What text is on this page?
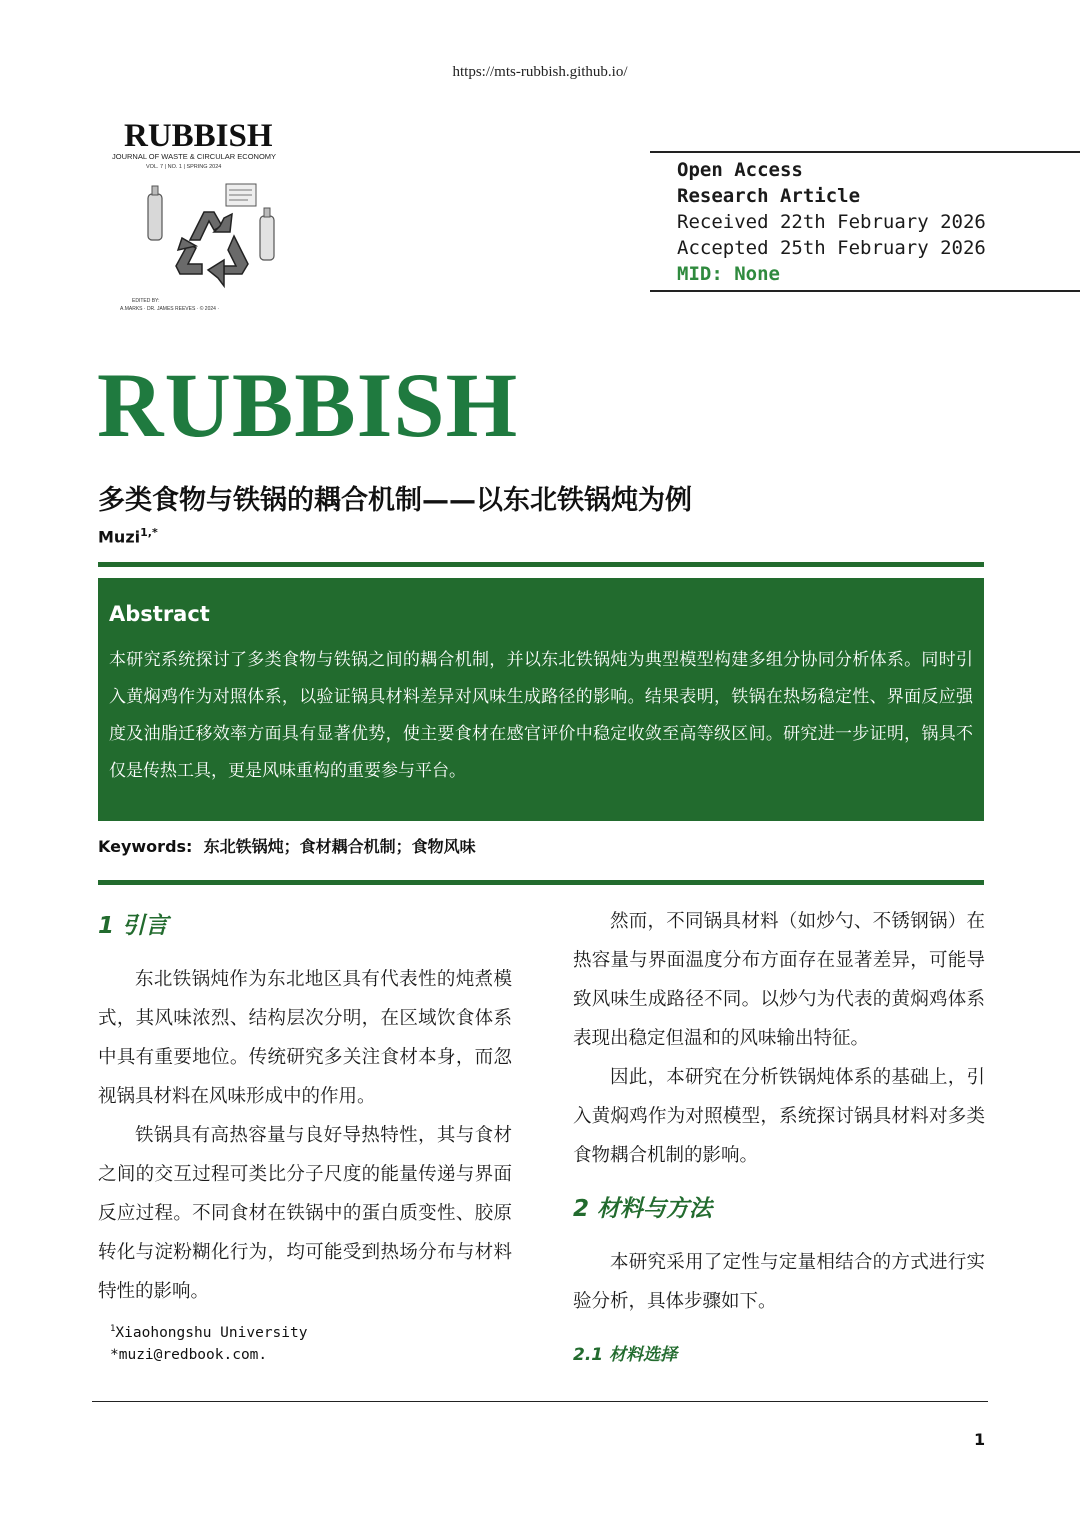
https://mts-rubbish.github.io/
RUBBISH
JOURNAL OF WASTE & CIRCULAR ECONOMY
VOL. 7 | NO. 1 | SPRING 2024
EDITED BY:
A.MARKS · DR. JAMES REEVES · © 2024 ·
Open Access
Research Article
Received 22th February 2026
Accepted 25th February 2026
MID: None
RUBBISH
多类食物与铁锅的耦合机制——以东北铁锅炖为例
Muzi$^{1,*}$
Abstract

本研究系统探讨了多类食物与铁锅之间的耦合机制，并以东北铁锅炖为典型模型构建多组分协同分析体系。同时引入黄焖鸡作为对照体系，以验证锅具材料差异对风味生成路径的影响。结果表明，铁锅在热场稳定性、界面反应强度及油脂迁移效率方面具有显著优势，使主要食材在感官评价中稳定收敛至高等级区间。研究进一步证明，锅具不仅是传热工具，更是风味重构的重要参与平台。

Keywords: 东北铁锅炖；食材耦合机制；食物风味
1 引言

东北铁锅炖作为东北地区具有代表性的炖煮模式，其风味浓烈、结构层次分明，在区域饮食体系中具有重要地位。传统研究多关注食材本身，而忽视锅具材料在风味形成中的作用。

铁锅具有高热容量与良好导热特性，其与食材之间的交互过程可类比分子尺度的能量传递与界面反应过程。不同食材在铁锅中的蛋白质变性、胶原转化与淀粉糊化行为，均可能受到热场分布与材料特性的影响。

$^1$Xiaohongshu University
*muzi@redbook.com.

然而，不同锅具材料（如炒勺、不锈钢锅）在热容量与界面温度分布方面存在显著差异，可能导致风味生成路径不同。以炒勺为代表的黄焖鸡体系表现出稳定但温和的风味输出特征。

因此，本研究在分析铁锅炖体系的基础上，引入黄焖鸡作为对照模型，系统探讨锅具材料对多类食物耦合机制的影响。

2 材料与方法

本研究采用了定性与定量相结合的方式进行实验分析，具体步骤如下。

2.1 材料选择
1
